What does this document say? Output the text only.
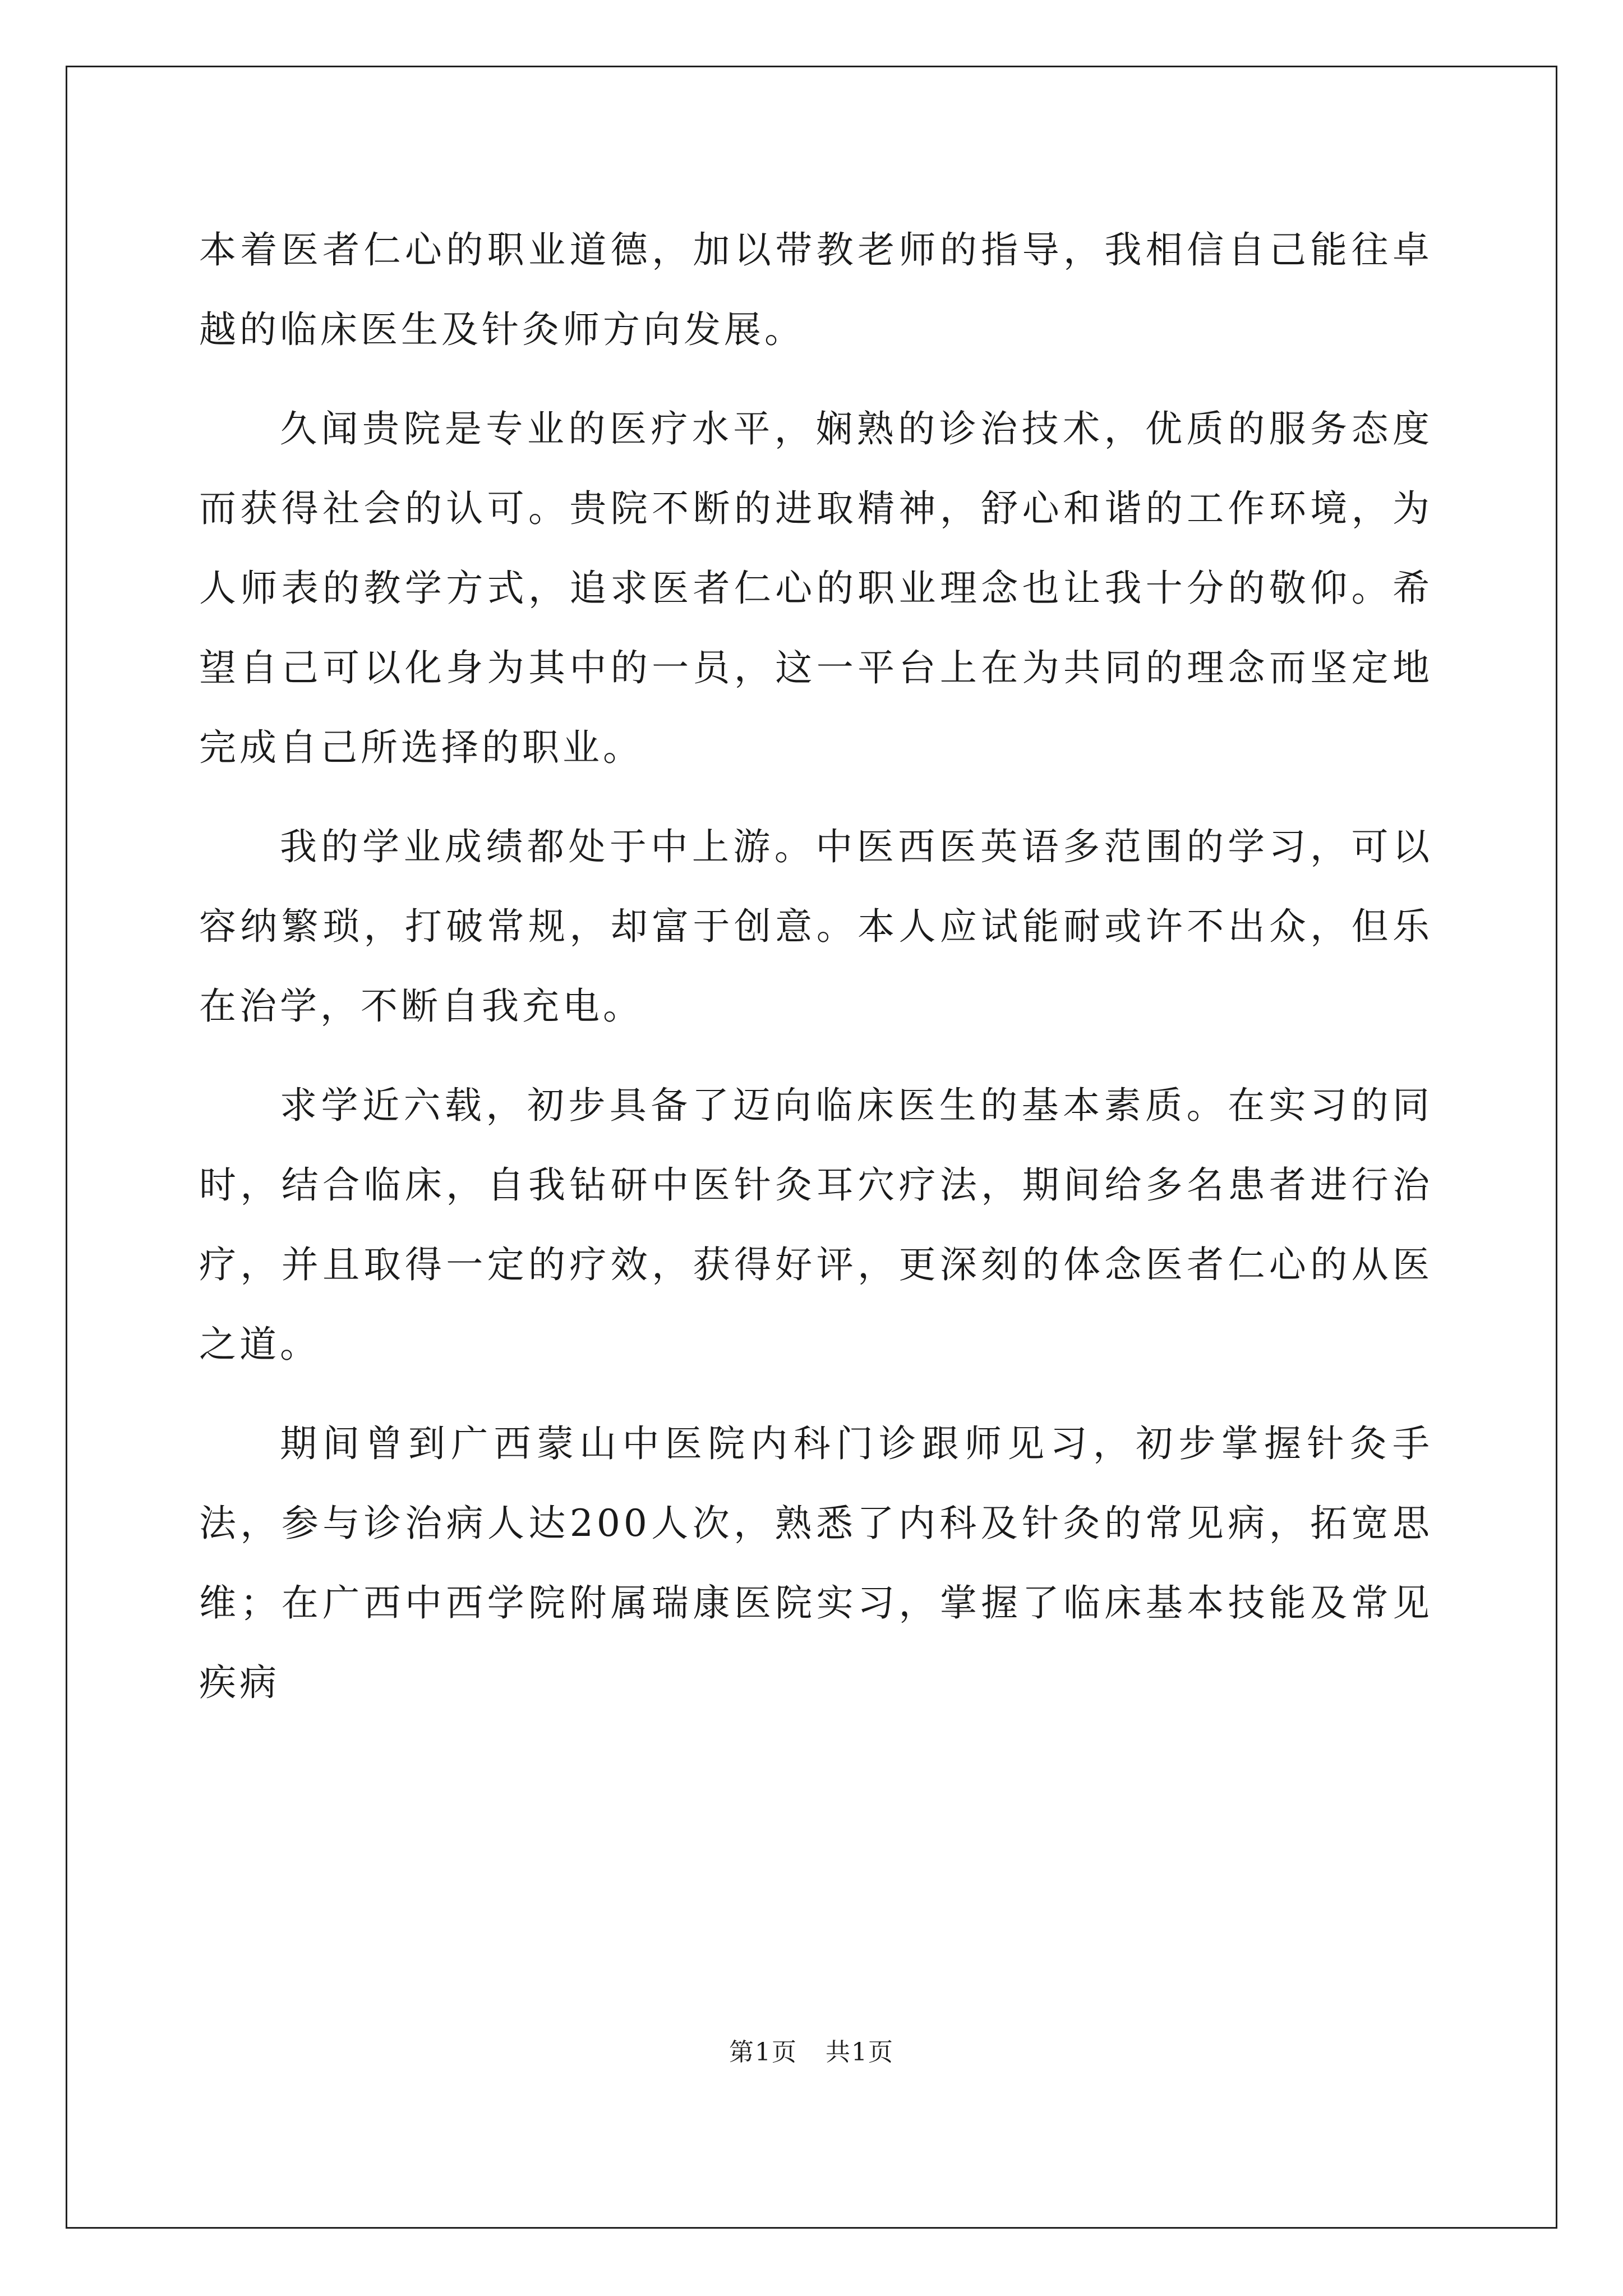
本着医者仁心的职业道德，加以带教老师的指导，我相信自己能往卓越的临床医生及针灸师方向发展。

久闻贵院是专业的医疗水平，娴熟的诊治技术，优质的服务态度而获得社会的认可。贵院不断的进取精神，舒心和谐的工作环境，为人师表的教学方式，追求医者仁心的职业理念也让我十分的敬仰。希望自己可以化身为其中的一员，这一平台上在为共同的理念而坚定地完成自己所选择的职业。

我的学业成绩都处于中上游。中医西医英语多范围的学习，可以容纳繁琐，打破常规，却富于创意。本人应试能耐或许不出众，但乐在治学，不断自我充电。

求学近六载，初步具备了迈向临床医生的基本素质。在实习的同时，结合临床，自我钻研中医针灸耳穴疗法，期间给多名患者进行治疗，并且取得一定的疗效，获得好评，更深刻的体念医者仁心的从医之道。

期间曾到广西蒙山中医院内科门诊跟师见习，初步掌握针灸手法，参与诊治病人达200人次，熟悉了内科及针灸的常见病，拓宽思维；在广西中西学院附属瑞康医院实习，掌握了临床基本技能及常见疾病

第1页 共1页
